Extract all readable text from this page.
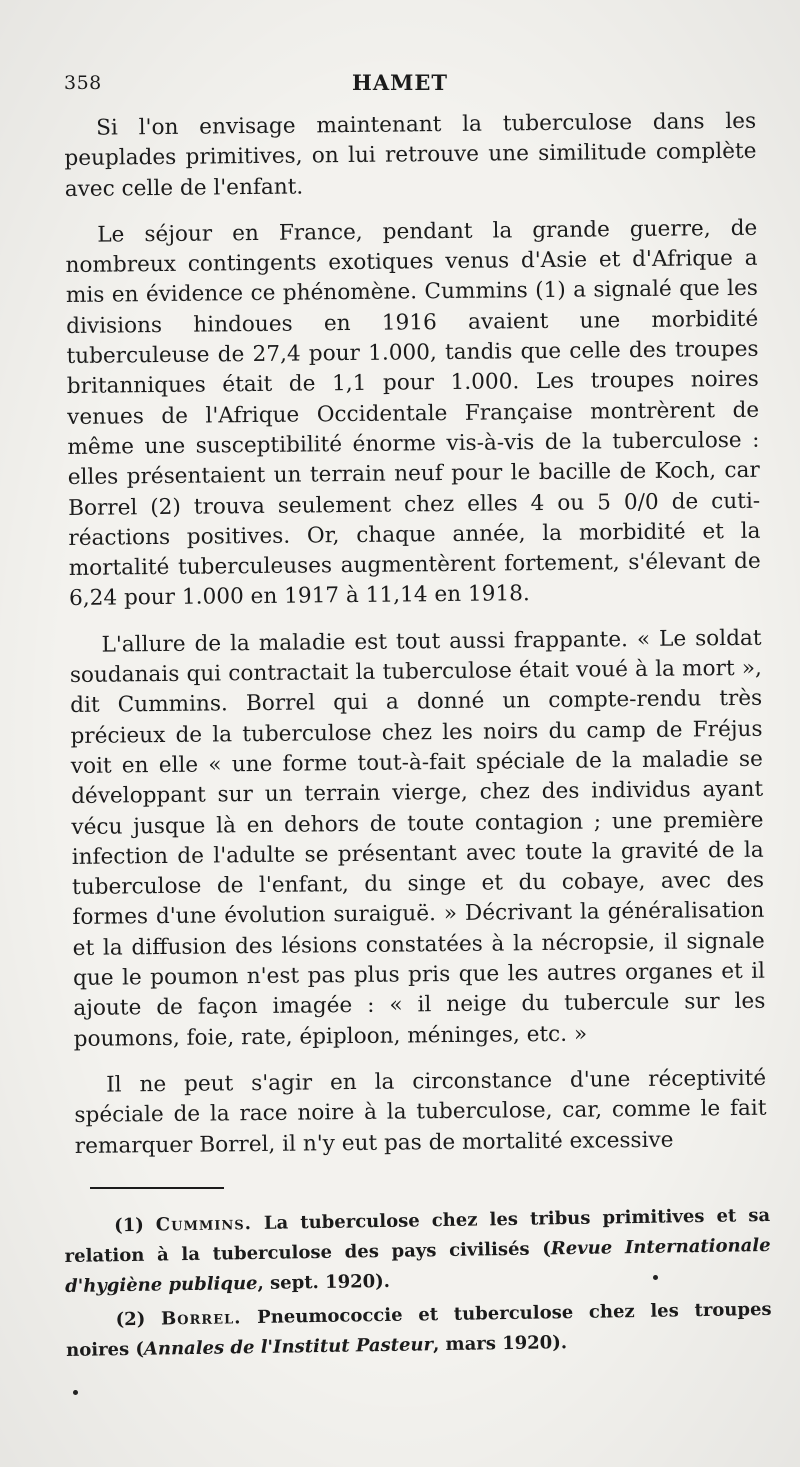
358	HAMET

Si l'on envisage maintenant la tuberculose dans les peuplades primitives, on lui retrouve une similitude complète avec celle de l'enfant.

Le séjour en France, pendant la grande guerre, de nombreux contingents exotiques venus d'Asie et d'Afrique a mis en évidence ce phénomène. Cummins (1) a signalé que les divisions hindoues en 1916 avaient une morbidité tuberculeuse de 27,4 pour 1.000, tandis que celle des troupes britanniques était de 1,1 pour 1.000. Les troupes noires venues de l'Afrique Occidentale Française montrèrent de même une susceptibilité énorme vis-à-vis de la tuberculose : elles présentaient un terrain neuf pour le bacille de Koch, car Borrel (2) trouva seulement chez elles 4 ou 5 0/0 de cuti-réactions positives. Or, chaque année, la morbidité et la mortalité tuberculeuses augmentèrent fortement, s'élevant de 6,24 pour 1.000 en 1917 à 11,14 en 1918.

L'allure de la maladie est tout aussi frappante. « Le soldat soudanais qui contractait la tuberculose était voué à la mort », dit Cummins. Borrel qui a donné un compte-rendu très précieux de la tuberculose chez les noirs du camp de Fréjus voit en elle « une forme tout-à-fait spéciale de la maladie se développant sur un terrain vierge, chez des individus ayant vécu jusque là en dehors de toute contagion ; une première infection de l'adulte se présentant avec toute la gravité de la tuberculose de l'enfant, du singe et du cobaye, avec des formes d'une évolution suraiguë. » Décrivant la généralisation et la diffusion des lésions constatées à la nécropsie, il signale que le poumon n'est pas plus pris que les autres organes et il ajoute de façon imagée : « il neige du tubercule sur les poumons, foie, rate, épiploon, méninges, etc. »

Il ne peut s'agir en la circonstance d'une réceptivité spéciale de la race noire à la tuberculose, car, comme le fait remarquer Borrel, il n'y eut pas de mortalité excessive

(1) Cummins. La tuberculose chez les tribus primitives et sa relation à la tuberculose des pays civilisés (Revue Internationale d'hygiène publique, sept. 1920).

(2) Borrel. Pneumococcie et tuberculose chez les troupes noires (Annales de l'Institut Pasteur, mars 1920).
